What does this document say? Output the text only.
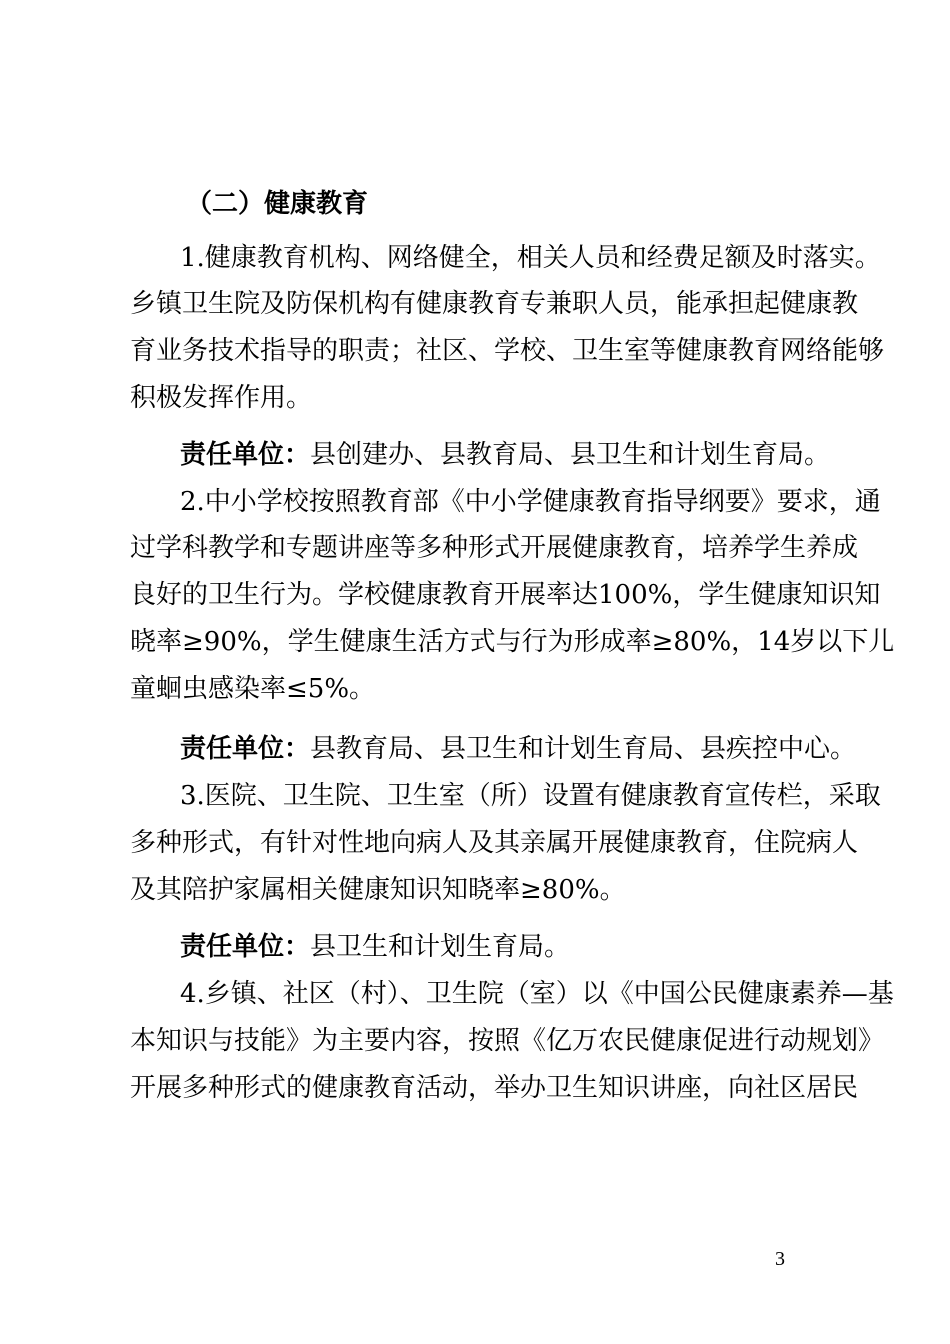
（二）健康教育
1.健康教育机构、网络健全，相关人员和经费足额及时落实。
乡镇卫生院及防保机构有健康教育专兼职人员，能承担起健康教
育业务技术指导的职责；社区、学校、卫生室等健康教育网络能够
积极发挥作用。
责任单位：县创建办、县教育局、县卫生和计划生育局。
2.中小学校按照教育部《中小学健康教育指导纲要》要求，通
过学科教学和专题讲座等多种形式开展健康教育，培养学生养成
良好的卫生行为。学校健康教育开展率达100%，学生健康知识知
晓率≥90%，学生健康生活方式与行为形成率≥80%，14岁以下儿
童蛔虫感染率≤5%。
责任单位：县教育局、县卫生和计划生育局、县疾控中心。
3.医院、卫生院、卫生室（所）设置有健康教育宣传栏，采取
多种形式，有针对性地向病人及其亲属开展健康教育，住院病人
及其陪护家属相关健康知识知晓率≥80%。
责任单位：县卫生和计划生育局。
4.乡镇、社区（村）、卫生院（室）以《中国公民健康素养—基
本知识与技能》为主要内容，按照《亿万农民健康促进行动规划》
开展多种形式的健康教育活动，举办卫生知识讲座，向社区居民
3
